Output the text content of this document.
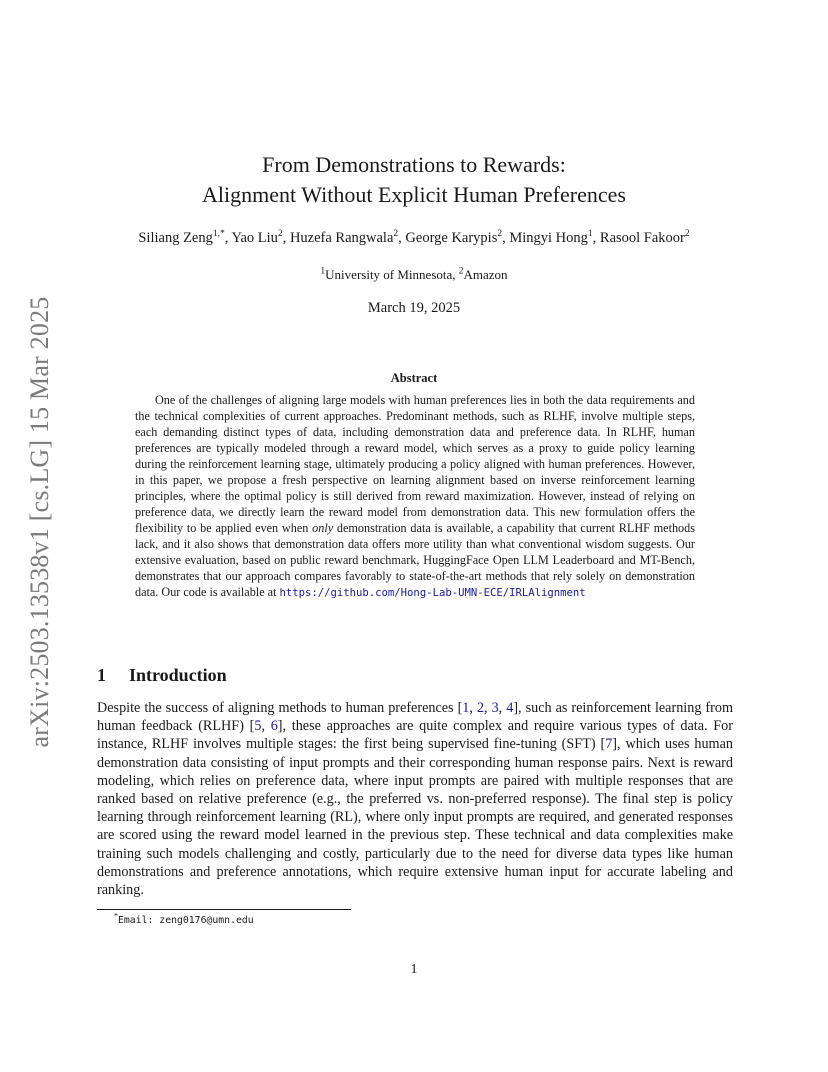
arXiv:2503.13538v1 [cs.LG] 15 Mar 2025
From Demonstrations to Rewards:
Alignment Without Explicit Human Preferences
Siliang Zeng$^{1,*}$, Yao Liu$^2$, Huzefa Rangwala$^2$, George Karypis$^2$, Mingyi Hong$^1$, Rasool Fakoor$^2$
$^1$University of Minnesota, $^2$Amazon
March 19, 2025
Abstract
One of the challenges of aligning large models with human preferences lies in both the data requirements and the technical complexities of current approaches. Predominant methods, such as RLHF, involve multiple steps, each demanding distinct types of data, including demonstration data and preference data. In RLHF, human preferences are typically modeled through a reward model, which serves as a proxy to guide policy learning during the reinforcement learning stage, ultimately producing a policy aligned with human preferences. However, in this paper, we propose a fresh perspective on learning alignment based on inverse reinforcement learning principles, where the optimal policy is still derived from reward maximization. However, instead of relying on preference data, we directly learn the reward model from demonstration data. This new formulation offers the flexibility to be applied even when only demonstration data is available, a capability that current RLHF methods lack, and it also shows that demonstration data offers more utility than what conventional wisdom suggests. Our extensive evaluation, based on public reward benchmark, HuggingFace Open LLM Leaderboard and MT-Bench, demonstrates that our approach compares favorably to state-of-the-art methods that rely solely on demonstration data. Our code is available at https://github.com/Hong-Lab-UMN-ECE/IRLAlignment
1 Introduction
Despite the success of aligning methods to human preferences [1, 2, 3, 4], such as reinforcement learning from human feedback (RLHF) [5, 6], these approaches are quite complex and require various types of data. For instance, RLHF involves multiple stages: the first being supervised fine-tuning (SFT) [7], which uses human demonstration data consisting of input prompts and their corresponding human response pairs. Next is reward modeling, which relies on preference data, where input prompts are paired with multiple responses that are ranked based on relative preference (e.g., the preferred vs. non-preferred response). The final step is policy learning through reinforcement learning (RL), where only input prompts are required, and generated responses are scored using the reward model learned in the previous step. These technical and data complexities make training such models challenging and costly, particularly due to the need for diverse data types like human demonstrations and preference annotations, which require extensive human input for accurate labeling and ranking.
*Email: zeng0176@umn.edu
1
